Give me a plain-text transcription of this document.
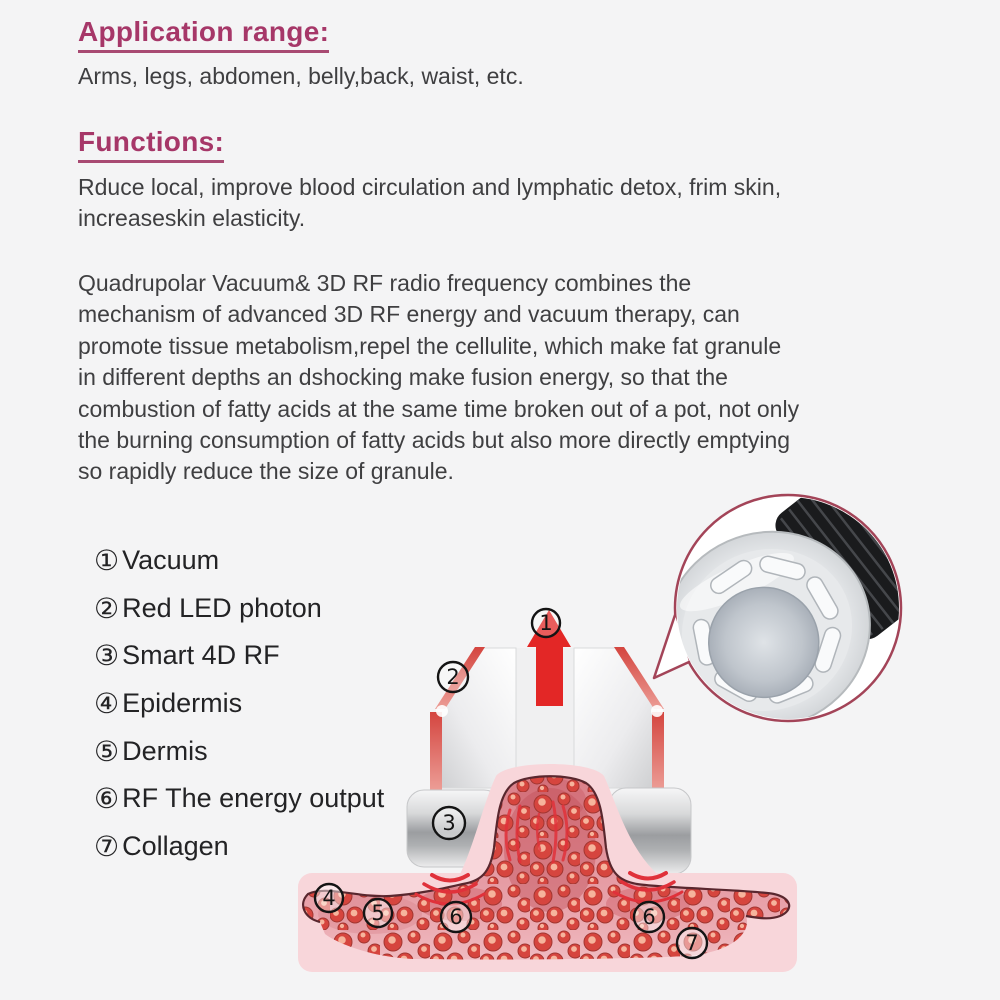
Application range:

Arms, legs, abdomen, belly,back, waist, etc.

Functions:

Rduce local, improve blood circulation and lymphatic detox, frim skin, increaseskin elasticity.

Quadrupolar Vacuum& 3D RF radio frequency combines the mechanism of advanced 3D RF energy and vacuum therapy, can promote tissue metabolism,repel the cellulite, which make fat granule in different depths an dshocking make fusion energy, so that the combustion of fatty acids at the same time broken out of a pot, not only the burning consumption of fatty acids but also more directly emptying so rapidly reduce the size of granule.

① Vacuum
② Red LED photon
③ Smart 4D RF
④ Epidermis
⑤ Dermis
⑥ RF The energy output
⑦ Collagen
1
2
3
4
5	6	6
7
